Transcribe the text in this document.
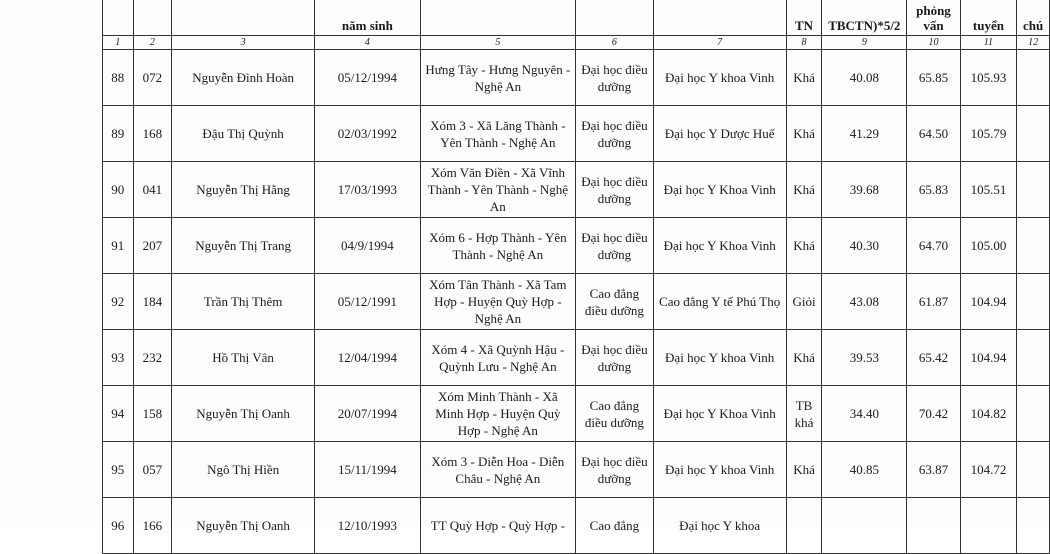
			năm sinh				TN	TBCTN)*5/2	phỏng vấn	tuyển	chú
1	2	3	4	5	6	7	8	9	10	11	12
88	072	Nguyễn Đình Hoàn	05/12/1994	Hưng Tây - Hưng Nguyên - Nghệ An	Đại học điều dưỡng	Đại học Y khoa Vinh	Khá	40.08	65.85	105.93	
89	168	Đậu Thị Quỳnh	02/03/1992	Xóm 3 - Xã Lăng Thành - Yên Thành - Nghệ An	Đại học điều dưỡng	Đại học Y Dược Huế	Khá	41.29	64.50	105.79	
90	041	Nguyễn Thị Hằng	17/03/1993	Xóm Văn Điền - Xã Vĩnh Thành - Yên Thành - Nghệ An	Đại học điều dưỡng	Đại học Y Khoa Vinh	Khá	39.68	65.83	105.51	
91	207	Nguyễn Thị Trang	04/9/1994	Xóm 6 - Hợp Thành - Yên Thành - Nghệ An	Đại học điều dưỡng	Đại học Y Khoa Vinh	Khá	40.30	64.70	105.00	
92	184	Trần Thị Thêm	05/12/1991	Xóm Tân Thành - Xã Tam Hợp - Huyện Quỳ Hợp - Nghệ An	Cao đẳng điều dưỡng	Cao đẳng Y tế Phú Thọ	Giỏi	43.08	61.87	104.94	
93	232	Hồ Thị Vân	12/04/1994	Xóm 4 - Xã Quỳnh Hậu - Quỳnh Lưu - Nghệ An	Đại học điều dưỡng	Đại học Y khoa Vinh	Khá	39.53	65.42	104.94	
94	158	Nguyễn Thị Oanh	20/07/1994	Xóm Minh Thành - Xã Minh Hợp - Huyện Quỳ Hợp - Nghệ An	Cao đẳng điều dưỡng	Đại học Y Khoa Vinh	TB khá	34.40	70.42	104.82	
95	057	Ngô Thị Hiền	15/11/1994	Xóm 3 - Diễn Hoa - Diễn Châu - Nghệ An	Đại học điều dưỡng	Đại học Y khoa Vinh	Khá	40.85	63.87	104.72	
96	166	Nguyễn Thị Oanh	12/10/1993	TT Quỳ Hợp - Quỳ Hợp -	Cao đẳng	Đại học Y khoa					
